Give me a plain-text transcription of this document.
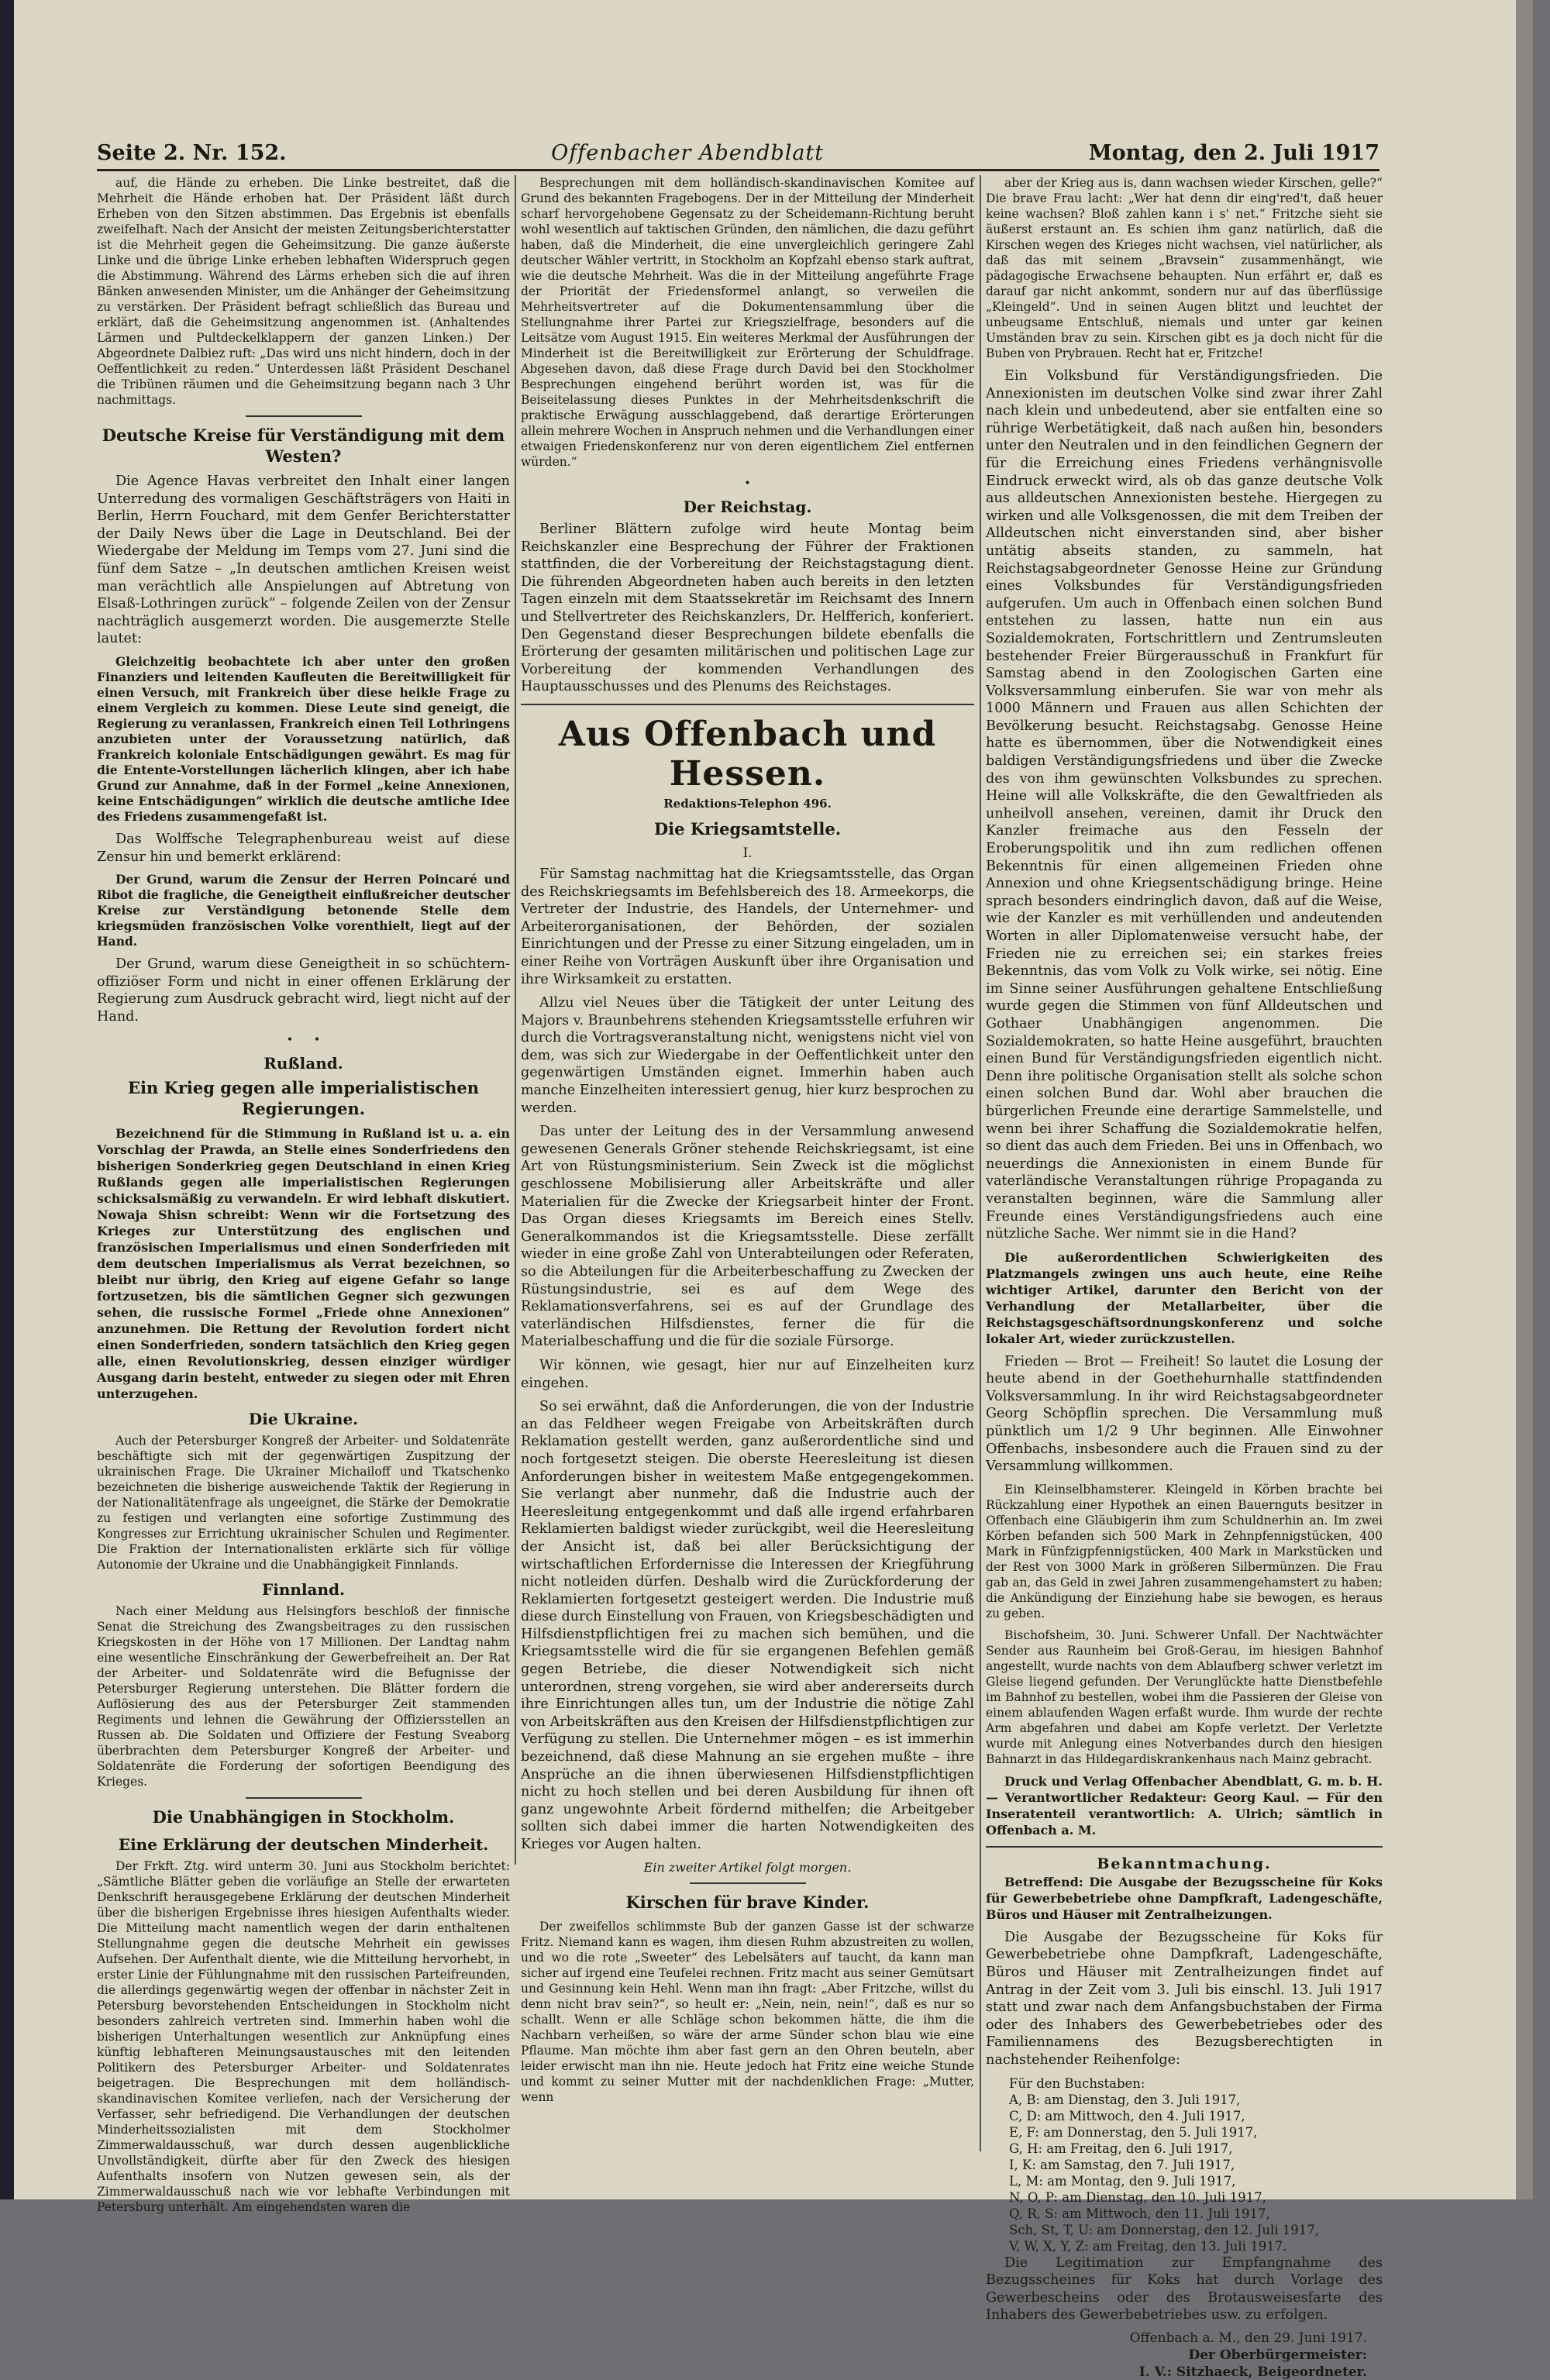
Seite 2. Nr. 152.	Offenbacher Abendblatt	Montag, den 2. Juli 1917

auf, die Hände zu erheben. Die Linke bestreitet, daß die Mehrheit die Hände erhoben hat. Der Präsident läßt durch Erheben von den Sitzen abstimmen. Das Ergebnis ist ebenfalls zweifelhaft. Nach der Ansicht der meisten Zeitungsberichterstatter ist die Mehrheit gegen die Geheimsitzung. Die ganze äußerste Linke und die übrige Linke erheben lebhaften Widerspruch gegen die Abstimmung. Während des Lärms erheben sich die auf ihren Bänken anwesenden Minister, um die Anhänger der Geheimsitzung zu verstärken. Der Präsident befragt schließlich das Bureau und erklärt, daß die Geheimsitzung angenommen ist. (Anhaltendes Lärmen und Pultdeckelklappern der ganzen Linken.) Der Abgeordnete Dalbiez ruft: „Das wird uns nicht hindern, doch in der Oeffentlichkeit zu reden.“ Unterdessen läßt Präsident Deschanel die Tribünen räumen und die Geheimsitzung begann nach 3 Uhr nachmittags.

Deutsche Kreise für Verständigung mit dem Westen?

Die Agence Havas verbreitet den Inhalt einer langen Unterredung des vormaligen Geschäftsträgers von Haiti in Berlin, Herrn Fouchard, mit dem Genfer Berichterstatter der Daily News über die Lage in Deutschland. Bei der Wiedergabe der Meldung im Temps vom 27. Juni sind die fünf dem Satze – „In deutschen amtlichen Kreisen weist man verächtlich alle Anspielungen auf Abtretung von Elsaß-Lothringen zurück“ – folgende Zeilen von der Zensur nachträglich ausgemerzt worden. Die ausgemerzte Stelle lautet:

Gleichzeitig beobachtete ich aber unter den großen Finanziers und leitenden Kaufleuten die Bereitwilligkeit für einen Versuch, mit Frankreich über diese heikle Frage zu einem Vergleich zu kommen. Diese Leute sind geneigt, die Regierung zu veranlassen, Frankreich einen Teil Lothringens anzubieten unter der Voraussetzung natürlich, daß Frankreich koloniale Entschädigungen gewährt. Es mag für die Entente-Vorstellungen lächerlich klingen, aber ich habe Grund zur Annahme, daß in der Formel „keine Annexionen, keine Entschädigungen“ wirklich die deutsche amtliche Idee des Friedens zusammengefaßt ist.

Das Wolffsche Telegraphenbureau weist auf diese Zensur hin und bemerkt erklärend:

Der Grund, warum die Zensur der Herren Poincaré und Ribot die fragliche, die Geneigtheit einflußreicher deutscher Kreise zur Verständigung betonende Stelle dem kriegsmüden französischen Volke vorenthielt, liegt auf der Hand.

Der Grund, warum diese Geneigtheit in so schüchtern-offiziöser Form und nicht in einer offenen Erklärung der Regierung zum Ausdruck gebracht wird, liegt nicht auf der Hand.

•      •
Rußland.
Ein Krieg gegen alle imperialistischen Regierungen.

Bezeichnend für die Stimmung in Rußland ist u. a. ein Vorschlag der Prawda, an Stelle eines Sonderfriedens den bisherigen Sonderkrieg gegen Deutschland in einen Krieg Rußlands gegen alle imperialistischen Regierungen schicksalsmäßig zu verwandeln. Er wird lebhaft diskutiert. Nowaja Shisn schreibt: Wenn wir die Fortsetzung des Krieges zur Unterstützung des englischen und französischen Imperialismus und einen Sonderfrieden mit dem deutschen Imperialismus als Verrat bezeichnen, so bleibt nur übrig, den Krieg auf eigene Gefahr so lange fortzusetzen, bis die sämtlichen Gegner sich gezwungen sehen, die russische Formel „Friede ohne Annexionen“ anzunehmen. Die Rettung der Revolution fordert nicht einen Sonderfrieden, sondern tatsächlich den Krieg gegen alle, einen Revolutionskrieg, dessen einziger würdiger Ausgang darin besteht, entweder zu siegen oder mit Ehren unterzugehen.

Die Ukraine.

Auch der Petersburger Kongreß der Arbeiter- und Soldatenräte beschäftigte sich mit der gegenwärtigen Zuspitzung der ukrainischen Frage. Die Ukrainer Michailoff und Tkatschenko bezeichneten die bisherige ausweichende Taktik der Regierung in der Nationalitätenfrage als ungeeignet, die Stärke der Demokratie zu festigen und verlangten eine sofortige Zustimmung des Kongresses zur Errichtung ukrainischer Schulen und Regimenter. Die Fraktion der Internationalisten erklärte sich für völlige Autonomie der Ukraine und die Unabhängigkeit Finnlands.

Finnland.

Nach einer Meldung aus Helsingfors beschloß der finnische Senat die Streichung des Zwangsbeitrages zu den russischen Kriegskosten in der Höhe von 17 Millionen. Der Landtag nahm eine wesentliche Einschränkung der Gewerbefreiheit an. Der Rat der Arbeiter- und Soldatenräte wird die Befugnisse der Petersburger Regierung unterstehen. Die Blätter fordern die Auflösierung des aus der Petersburger Zeit stammenden Regiments und lehnen die Gewährung der Offiziersstellen an Russen ab. Die Soldaten und Offiziere der Festung Sveaborg überbrachten dem Petersburger Kongreß der Arbeiter- und Soldatenräte die Forderung der sofortigen Beendigung des Krieges.

Die Unabhängigen in Stockholm.
Eine Erklärung der deutschen Minderheit.

Der Frkft. Ztg. wird unterm 30. Juni aus Stockholm berichtet: „Sämtliche Blätter geben die vorläufige an Stelle der erwarteten Denkschrift herausgegebene Erklärung der deutschen Minderheit über die bisherigen Ergebnisse ihres hiesigen Aufenthalts wieder. Die Mitteilung macht namentlich wegen der darin enthaltenen Stellungnahme gegen die deutsche Mehrheit ein gewisses Aufsehen. Der Aufenthalt diente, wie die Mitteilung hervorhebt, in erster Linie der Fühlungnahme mit den russischen Parteifreunden, die allerdings gegenwärtig wegen der offenbar in nächster Zeit in Petersburg bevorstehenden Entscheidungen in Stockholm nicht besonders zahlreich vertreten sind. Immerhin haben wohl die bisherigen Unterhaltungen wesentlich zur Anknüpfung eines künftig lebhafteren Meinungsaustausches mit den leitenden Politikern des Petersburger Arbeiter- und Soldatenrates beigetragen. Die Besprechungen mit dem holländisch-skandinavischen Komitee verliefen, nach der Versicherung der Verfasser, sehr befriedigend. Die Verhandlungen der deutschen Minderheitssozialisten mit dem Stockholmer Zimmerwaldausschuß, war durch dessen augenblickliche Unvollständigkeit, dürfte aber für den Zweck des hiesigen Aufenthalts insofern von Nutzen gewesen sein, als der Zimmerwaldausschuß nach wie vor lebhafte Verbindungen mit Petersburg unterhält. Am eingehendsten waren die

Besprechungen mit dem holländisch-skandinavischen Komitee auf Grund des bekannten Fragebogens. Der in der Mitteilung der Minderheit scharf hervorgehobene Gegensatz zu der Scheidemann-Richtung beruht wohl wesentlich auf taktischen Gründen, den nämlichen, die dazu geführt haben, daß die Minderheit, die eine unvergleichlich geringere Zahl deutscher Wähler vertritt, in Stockholm an Kopfzahl ebenso stark auftrat, wie die deutsche Mehrheit. Was die in der Mitteilung angeführte Frage der Priorität der Friedensformel anlangt, so verweilen die Mehrheitsvertreter auf die Dokumentensammlung über die Stellungnahme ihrer Partei zur Kriegszielfrage, besonders auf die Leitsätze vom August 1915. Ein weiteres Merkmal der Ausführungen der Minderheit ist die Bereitwilligkeit zur Erörterung der Schuldfrage. Abgesehen davon, daß diese Frage durch David bei den Stockholmer Besprechungen eingehend berührt worden ist, was für die Beiseitelassung dieses Punktes in der Mehrheitsdenkschrift die praktische Erwägung ausschlaggebend, daß derartige Erörterungen allein mehrere Wochen in Anspruch nehmen und die Verhandlungen einer etwaigen Friedenskonferenz nur von deren eigentlichem Ziel entfernen würden.“

•
Der Reichstag.

Berliner Blättern zufolge wird heute Montag beim Reichskanzler eine Besprechung der Führer der Fraktionen stattfinden, die der Vorbereitung der Reichstagstagung dient. Die führenden Abgeordneten haben auch bereits in den letzten Tagen einzeln mit dem Staatssekretär im Reichsamt des Innern und Stellvertreter des Reichskanzlers, Dr. Helfferich, konferiert. Den Gegenstand dieser Besprechungen bildete ebenfalls die Erörterung der gesamten militärischen und politischen Lage zur Vorbereitung der kommenden Verhandlungen des Hauptausschusses und des Plenums des Reichstages.

Aus Offenbach und Hessen.
Redaktions-Telephon 496.
Die Kriegsamtstelle.
I.

Für Samstag nachmittag hat die Kriegsamtsstelle, das Organ des Reichskriegsamts im Befehlsbereich des 18. Armeekorps, die Vertreter der Industrie, des Handels, der Unternehmer- und Arbeiterorganisationen, der Behörden, der sozialen Einrichtungen und der Presse zu einer Sitzung eingeladen, um in einer Reihe von Vorträgen Auskunft über ihre Organisation und ihre Wirksamkeit zu erstatten.

Allzu viel Neues über die Tätigkeit der unter Leitung des Majors v. Braunbehrens stehenden Kriegsamtsstelle erfuhren wir durch die Vortragsveranstaltung nicht, wenigstens nicht viel von dem, was sich zur Wiedergabe in der Oeffentlichkeit unter den gegenwärtigen Umständen eignet. Immerhin haben auch manche Einzelheiten interessiert genug, hier kurz besprochen zu werden.

Das unter der Leitung des in der Versammlung anwesend gewesenen Generals Gröner stehende Reichskriegsamt, ist eine Art von Rüstungsministerium. Sein Zweck ist die möglichst geschlossene Mobilisierung aller Arbeitskräfte und aller Materialien für die Zwecke der Kriegsarbeit hinter der Front. Das Organ dieses Kriegsamts im Bereich eines Stellv. Generalkommandos ist die Kriegsamtsstelle. Diese zerfällt wieder in eine große Zahl von Unterabteilungen oder Referaten, so die Abteilungen für die Arbeiterbeschaffung zu Zwecken der Rüstungsindustrie, sei es auf dem Wege des Reklamationsverfahrens, sei es auf der Grundlage des vaterländischen Hilfsdienstes, ferner die für die Materialbeschaffung und die für die soziale Fürsorge.

Wir können, wie gesagt, hier nur auf Einzelheiten kurz eingehen.

So sei erwähnt, daß die Anforderungen, die von der Industrie an das Feldheer wegen Freigabe von Arbeitskräften durch Reklamation gestellt werden, ganz außerordentliche sind und noch fortgesetzt steigen. Die oberste Heeresleitung ist diesen Anforderungen bisher in weitestem Maße entgegengekommen. Sie verlangt aber nunmehr, daß die Industrie auch der Heeresleitung entgegenkommt und daß alle irgend erfahrbaren Reklamierten baldigst wieder zurückgibt, weil die Heeresleitung der Ansicht ist, daß bei aller Berücksichtigung der wirtschaftlichen Erfordernisse die Interessen der Kriegführung nicht notleiden dürfen. Deshalb wird die Zurückforderung der Reklamierten fortgesetzt gesteigert werden. Die Industrie muß diese durch Einstellung von Frauen, von Kriegsbeschädigten und Hilfsdienstpflichtigen frei zu machen sich bemühen, und die Kriegsamtsstelle wird die für sie ergangenen Befehlen gemäß gegen Betriebe, die dieser Notwendigkeit sich nicht unterordnen, streng vorgehen, sie wird aber andererseits durch ihre Einrichtungen alles tun, um der Industrie die nötige Zahl von Arbeitskräften aus den Kreisen der Hilfsdienstpflichtigen zur Verfügung zu stellen. Die Unternehmer mögen – es ist immerhin bezeichnend, daß diese Mahnung an sie ergehen mußte – ihre Ansprüche an die ihnen überwiesenen Hilfsdienstpflichtigen nicht zu hoch stellen und bei deren Ausbildung für ihnen oft ganz ungewohnte Arbeit fördernd mithelfen; die Arbeitgeber sollten sich dabei immer die harten Notwendigkeiten des Krieges vor Augen halten.

Ein zweiter Artikel folgt morgen.
Kirschen für brave Kinder.

Der zweifellos schlimmste Bub der ganzen Gasse ist der schwarze Fritz. Niemand kann es wagen, ihm diesen Ruhm abzustreiten zu wollen, und wo die rote „Sweeter“ des Lebelsäters auf taucht, da kann man sicher auf irgend eine Teufelei rechnen. Fritz macht aus seiner Gemütsart und Gesinnung kein Hehl. Wenn man ihn fragt: „Aber Fritzche, willst du denn nicht brav sein?“, so heult er: „Nein, nein, nein!“, daß es nur so schallt. Wenn er alle Schläge schon bekommen hätte, die ihm die Nachbarn verheißen, so wäre der arme Sünder schon blau wie eine Pflaume. Man möchte ihm aber fast gern an den Ohren beuteln, aber leider erwischt man ihn nie. Heute jedoch hat Fritz eine weiche Stunde und kommt zu seiner Mutter mit der nachdenklichen Frage: „Mutter, wenn

aber der Krieg aus is, dann wachsen wieder Kirschen, gelle?“ Die brave Frau lacht: „Wer hat denn dir eing'red't, daß heuer keine wachsen? Bloß zahlen kann i s' net.“ Fritzche sieht sie äußerst erstaunt an. Es schien ihm ganz natürlich, daß die Kirschen wegen des Krieges nicht wachsen, viel natürlicher, als daß das mit seinem „Bravsein“ zusammenhängt, wie pädagogische Erwachsene behaupten. Nun erfährt er, daß es darauf gar nicht ankommt, sondern nur auf das überflüssige „Kleingeld“. Und in seinen Augen blitzt und leuchtet der unbeugsame Entschluß, niemals und unter gar keinen Umständen brav zu sein. Kirschen gibt es ja doch nicht für die Buben von Prybrauen. Recht hat er, Fritzche!

Ein Volksbund für Verständigungsfrieden. Die Annexionisten im deutschen Volke sind zwar ihrer Zahl nach klein und unbedeutend, aber sie entfalten eine so rührige Werbetätigkeit, daß nach außen hin, besonders unter den Neutralen und in den feindlichen Gegnern der für die Erreichung eines Friedens verhängnisvolle Eindruck erweckt wird, als ob das ganze deutsche Volk aus alldeutschen Annexionisten bestehe. Hiergegen zu wirken und alle Volksgenossen, die mit dem Treiben der Alldeutschen nicht einverstanden sind, aber bisher untätig abseits standen, zu sammeln, hat Reichstagsabgeordneter Genosse Heine zur Gründung eines Volksbundes für Verständigungsfrieden aufgerufen. Um auch in Offenbach einen solchen Bund entstehen zu lassen, hatte nun ein aus Sozialdemokraten, Fortschrittlern und Zentrumsleuten bestehender Freier Bürgerausschuß in Frankfurt für Samstag abend in den Zoologischen Garten eine Volksversammlung einberufen. Sie war von mehr als 1000 Männern und Frauen aus allen Schichten der Bevölkerung besucht. Reichstagsabg. Genosse Heine hatte es übernommen, über die Notwendigkeit eines baldigen Verständigungsfriedens und über die Zwecke des von ihm gewünschten Volksbundes zu sprechen. Heine will alle Volkskräfte, die den Gewaltfrieden als unheilvoll ansehen, vereinen, damit ihr Druck den Kanzler freimache aus den Fesseln der Eroberungspolitik und ihn zum redlichen offenen Bekenntnis für einen allgemeinen Frieden ohne Annexion und ohne Kriegsentschädigung bringe. Heine sprach besonders eindringlich davon, daß auf die Weise, wie der Kanzler es mit verhüllenden und andeutenden Worten in aller Diplomatenweise versucht habe, der Frieden nie zu erreichen sei; ein starkes freies Bekenntnis, das vom Volk zu Volk wirke, sei nötig. Eine im Sinne seiner Ausführungen gehaltene Entschließung wurde gegen die Stimmen von fünf Alldeutschen und Gothaer Unabhängigen angenommen. Die Sozialdemokraten, so hatte Heine ausgeführt, brauchten einen Bund für Verständigungsfrieden eigentlich nicht. Denn ihre politische Organisation stellt als solche schon einen solchen Bund dar. Wohl aber brauchen die bürgerlichen Freunde eine derartige Sammelstelle, und wenn bei ihrer Schaffung die Sozialdemokratie helfen, so dient das auch dem Frieden. Bei uns in Offenbach, wo neuerdings die Annexionisten in einem Bunde für vaterländische Veranstaltungen rührige Propaganda zu veranstalten beginnen, wäre die Sammlung aller Freunde eines Verständigungsfriedens auch eine nützliche Sache. Wer nimmt sie in die Hand?

Die außerordentlichen Schwierigkeiten des Platzmangels zwingen uns auch heute, eine Reihe wichtiger Artikel, darunter den Bericht von der Verhandlung der Metallarbeiter, über die Reichstagsgeschäftsordnungskonferenz und solche lokaler Art, wieder zurückzustellen.

Frieden — Brot — Freiheit! So lautet die Losung der heute abend in der Goethehurnhalle stattfindenden Volksversammlung. In ihr wird Reichstagsabgeordneter Georg Schöpflin sprechen. Die Versammlung muß pünktlich um 1/2 9 Uhr beginnen. Alle Einwohner Offenbachs, insbesondere auch die Frauen sind zu der Versammlung willkommen.

Ein Kleinselbhamsterer. Kleingeld in Körben brachte bei Rückzahlung einer Hypothek an einen Bauernguts besitzer in Offenbach eine Gläubigerin ihm zum Schuldnerhin an. Im zwei Körben befanden sich 500 Mark in Zehnpfennigstücken, 400 Mark in Fünfzigpfennigstücken, 400 Mark in Markstücken und der Rest von 3000 Mark in größeren Silbermünzen. Die Frau gab an, das Geld in zwei Jahren zusammengehamstert zu haben; die Ankündigung der Einziehung habe sie bewogen, es heraus zu geben.

Bischofsheim, 30. Juni. Schwerer Unfall. Der Nachtwächter Sender aus Raunheim bei Groß-Gerau, im hiesigen Bahnhof angestellt, wurde nachts von dem Ablaufberg schwer verletzt im Gleise liegend gefunden. Der Verunglückte hatte Dienstbefehle im Bahnhof zu bestellen, wobei ihm die Passieren der Gleise von einem ablaufenden Wagen erfaßt wurde. Ihm wurde der rechte Arm abgefahren und dabei am Kopfe verletzt. Der Verletzte wurde mit Anlegung eines Notverbandes durch den hiesigen Bahnarzt in das Hildegardiskrankenhaus nach Mainz gebracht.

Druck und Verlag Offenbacher Abendblatt, G. m. b. H. — Verantwortlicher Redakteur: Georg Kaul. — Für den Inseratenteil verantwortlich: A. Ulrich; sämtlich in Offenbach a. M.

Bekanntmachung.

Betreffend: Die Ausgabe der Bezugsscheine für Koks für Gewerbebetriebe ohne Dampfkraft, Ladengeschäfte, Büros und Häuser mit Zentralheizungen.

Die Ausgabe der Bezugsscheine für Koks für Gewerbebetriebe ohne Dampfkraft, Ladengeschäfte, Büros und Häuser mit Zentralheizungen findet auf Antrag in der Zeit vom 3. Juli bis einschl. 13. Juli 1917 statt und zwar nach dem Anfangsbuchstaben der Firma oder des Inhabers des Gewerbebetriebes oder des Familiennamens des Bezugsberechtigten in nachstehender Reihenfolge:

Für den Buchstaben:
A, B: am Dienstag, den 3. Juli 1917,
C, D: am Mittwoch, den 4. Juli 1917,
E, F: am Donnerstag, den 5. Juli 1917,
G, H: am Freitag, den 6. Juli 1917,
I, K: am Samstag, den 7. Juli 1917,
L, M: am Montag, den 9. Juli 1917,
N, O, P: am Dienstag, den 10. Juli 1917,
Q, R, S: am Mittwoch, den 11. Juli 1917,
Sch, St, T, U: am Donnerstag, den 12. Juli 1917,
V, W, X, Y, Z: am Freitag, den 13. Juli 1917.

Die Legitimation zur Empfangnahme des Bezugsscheines für Koks hat durch Vorlage des Gewerbescheins oder des Brotausweisesfarte des Inhabers des Gewerbebetriebes usw. zu erfolgen.

Offenbach a. M., den 29. Juni 1917.
Der Oberbürgermeister:
I. V.: Sitzhaeck, Beigeordneter.
